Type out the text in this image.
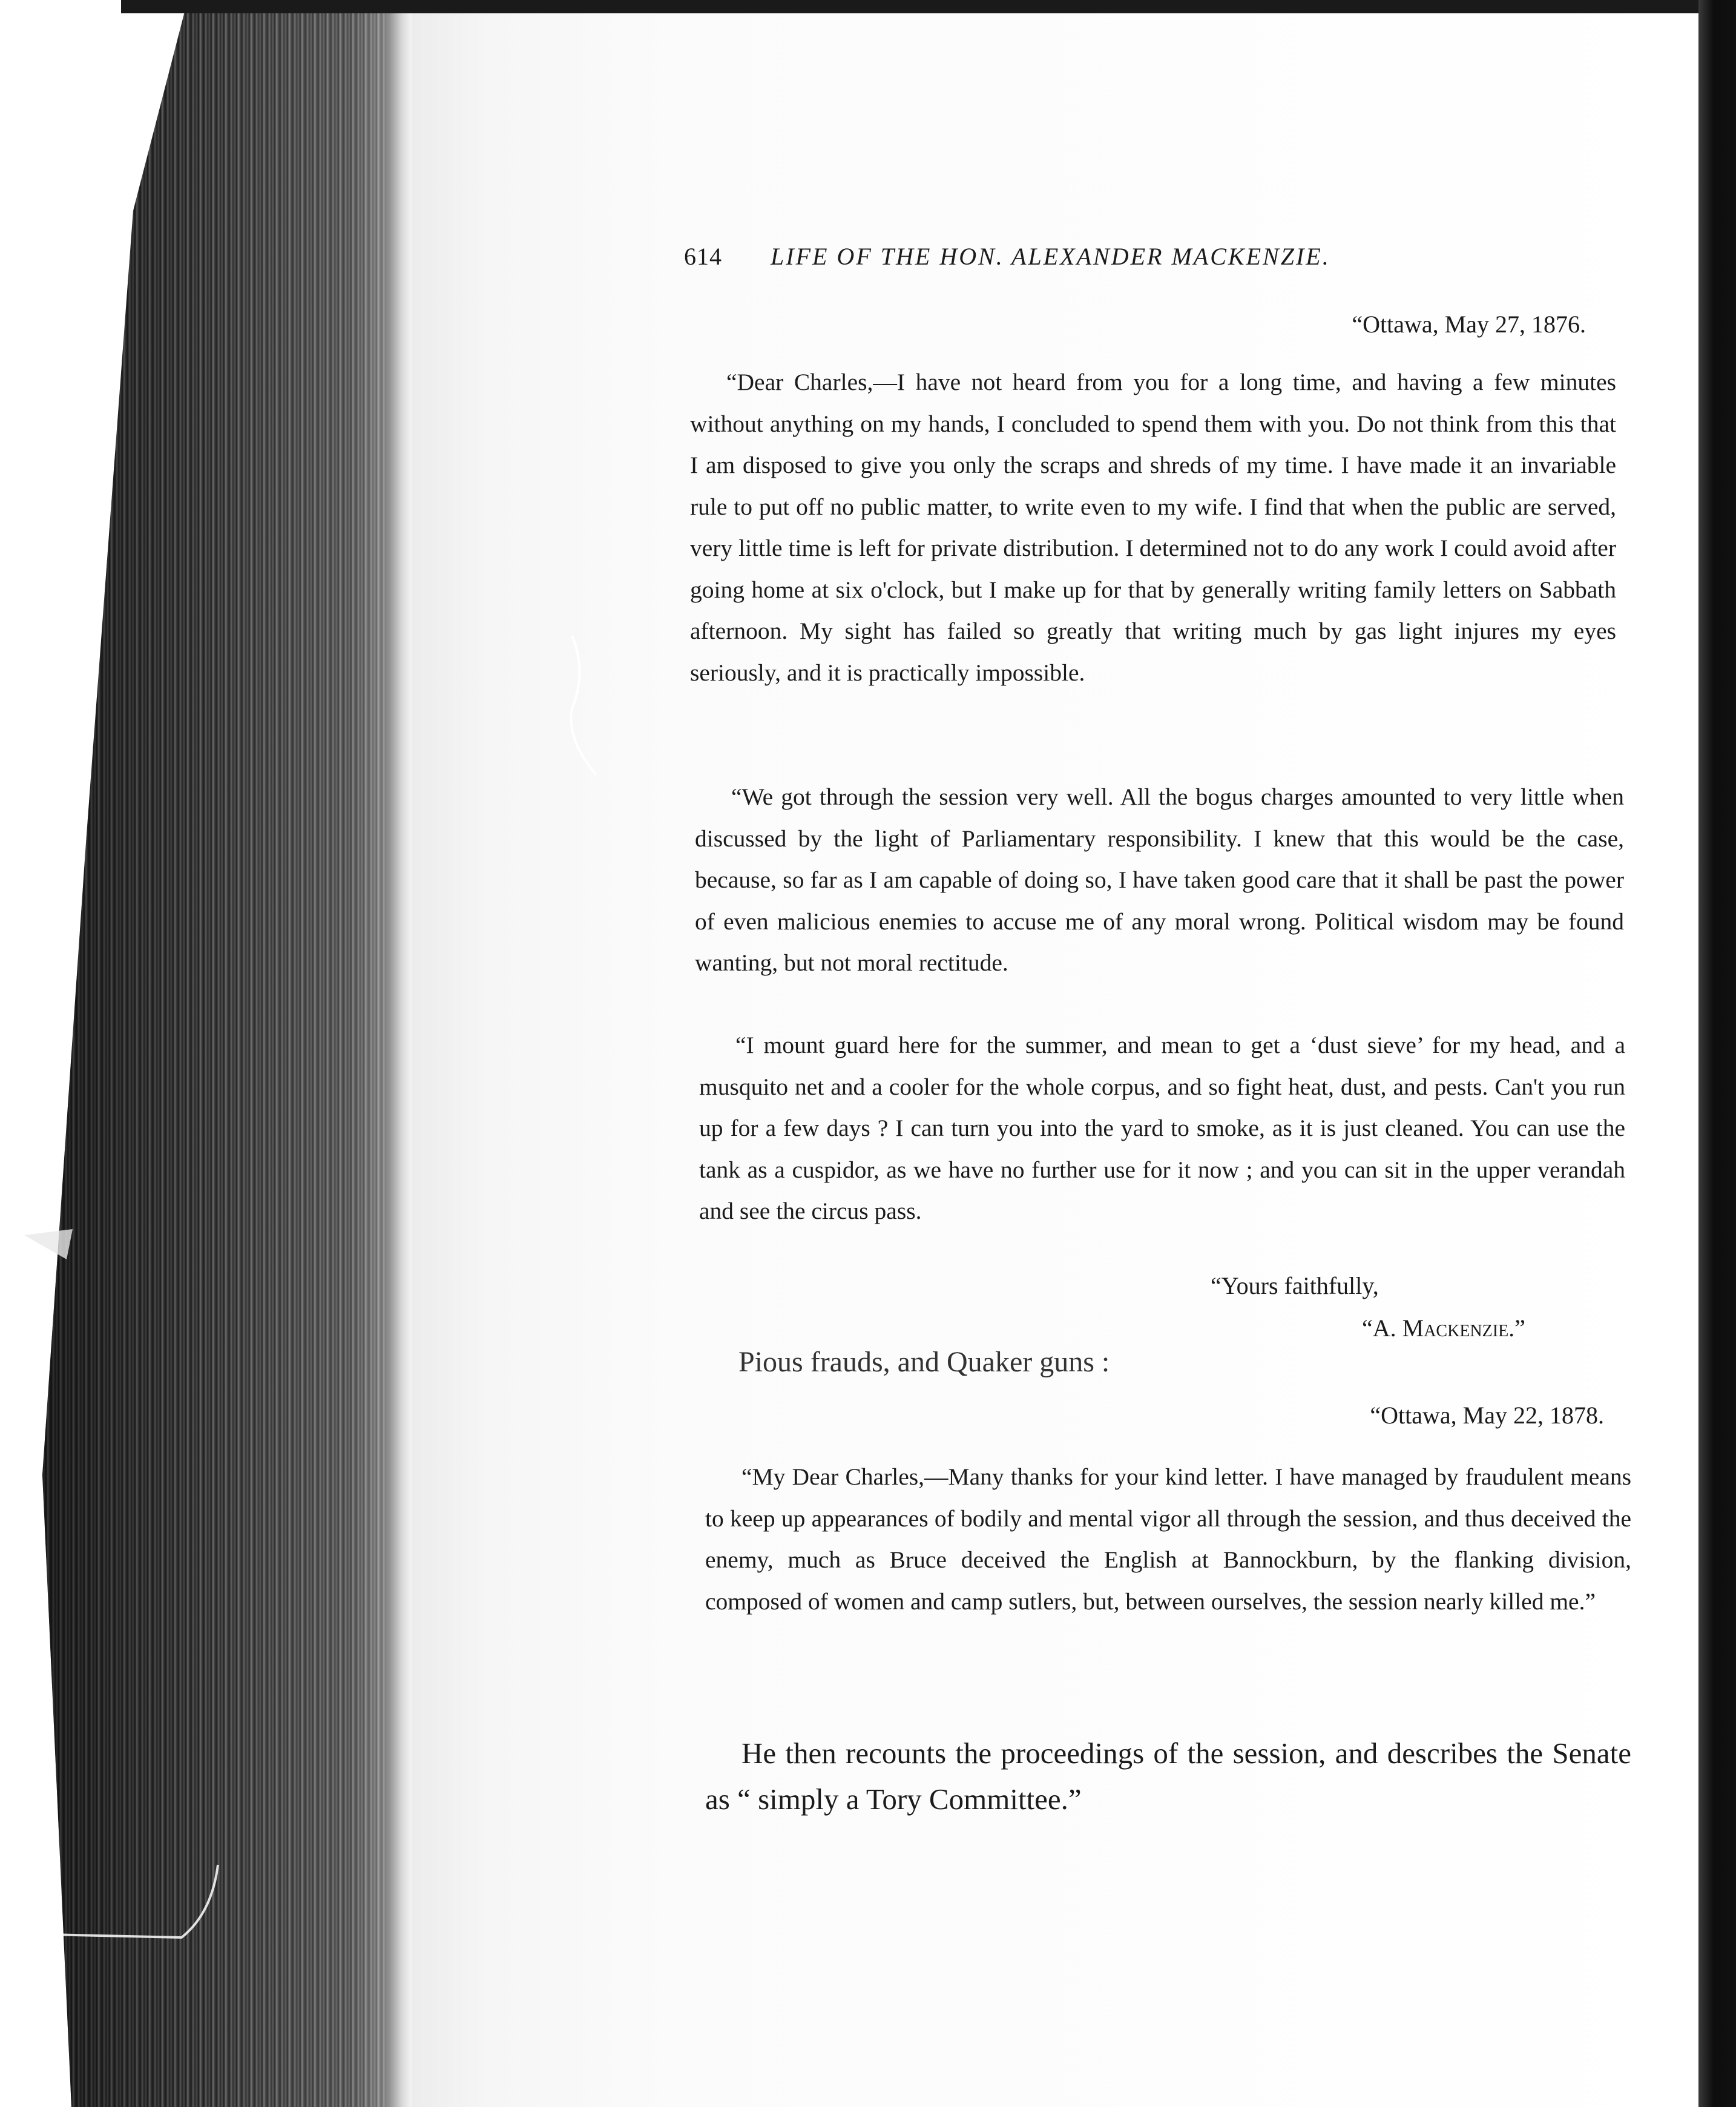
614 LIFE OF THE HON. ALEXANDER MACKENZIE.
“Ottawa, May 27, 1876.
“Dear Charles,—I have not heard from you for a long time, and having a few minutes without anything on my hands, I concluded to spend them with you. Do not think from this that I am disposed to give you only the scraps and shreds of my time. I have made it an invariable rule to put off no public matter, to write even to my wife. I find that when the public are served, very little time is left for private distribution. I determined not to do any work I could avoid after going home at six o'clock, but I make up for that by generally writing family letters on Sabbath afternoon. My sight has failed so greatly that writing much by gas light injures my eyes seriously, and it is practically impossible.
“We got through the session very well. All the bogus charges amounted to very little when discussed by the light of Parliamentary responsibility. I knew that this would be the case, because, so far as I am capable of doing so, I have taken good care that it shall be past the power of even malicious enemies to accuse me of any moral wrong. Political wisdom may be found wanting, but not moral rectitude.
“I mount guard here for the summer, and mean to get a ‘dust sieve’ for my head, and a musquito net and a cooler for the whole corpus, and so fight heat, dust, and pests. Can't you run up for a few days ? I can turn you into the yard to smoke, as it is just cleaned. You can use the tank as a cuspidor, as we have no further use for it now ; and you can sit in the upper verandah and see the circus pass.
“Yours faithfully,
“A. Mackenzie.”
Pious frauds, and Quaker guns :
“Ottawa, May 22, 1878.
“My Dear Charles,—Many thanks for your kind letter. I have managed by fraudulent means to keep up appearances of bodily and mental vigor all through the session, and thus deceived the enemy, much as Bruce deceived the English at Bannockburn, by the flanking division, composed of women and camp sutlers, but, between ourselves, the session nearly killed me.”
He then recounts the proceedings of the session, and describes the Senate as “ simply a Tory Committee.”
